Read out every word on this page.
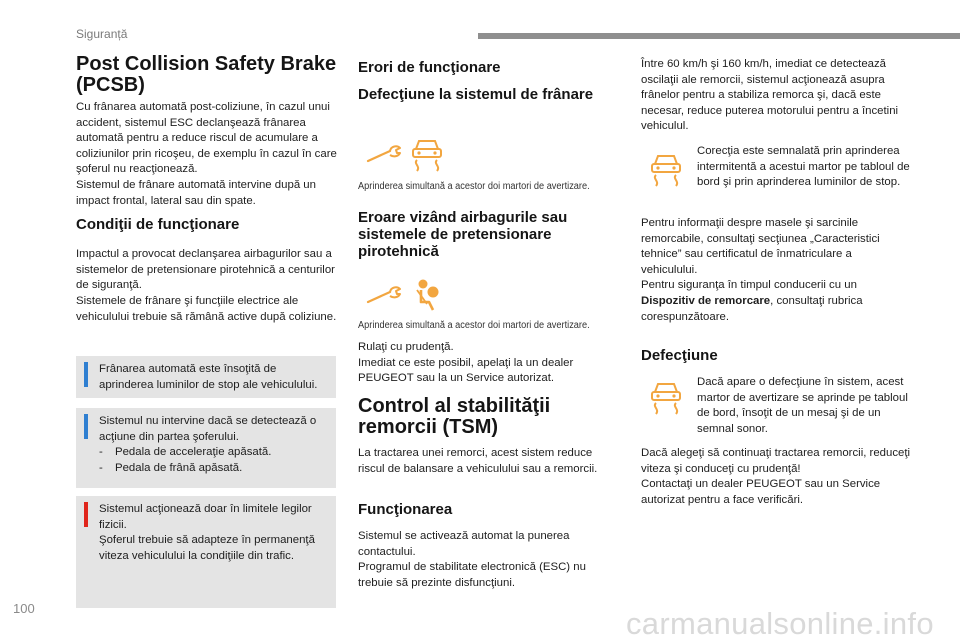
Siguranță
100
Post Collision Safety Brake (PCSB)

Cu frânarea automată post-coliziune, în cazul unui accident, sistemul ESC declanşează frânarea automată pentru a reduce riscul de acumulare a coliziunilor prin ricoşeu, de exemplu în cazul în care şoferul nu reacţionează.

Sistemul de frânare automată intervine după un impact frontal, lateral sau din spate.

Condiţii de funcţionare

Impactul a provocat declanşarea airbagurilor sau a sistemelor de pretensionare pirotehnică a centurilor de siguranţă.

Sistemele de frânare şi funcţiile electrice ale vehiculului trebuie să rămână active după coliziune.

Frânarea automată este însoţită de aprinderea luminilor de stop ale vehiculului.
Sistemul nu intervine dacă se detectează o acţiune din partea şoferului.
-	Pedala de acceleraţie apăsată.
-	Pedala de frână apăsată.
Sistemul acţionează doar în limitele legilor fizicii.
Şoferul trebuie să adapteze în permanenţă viteza vehiculului la condiţiile din trafic.
Erori de funcţionare
Defecţiune la sistemul de frânare
Aprinderea simultană a acestor doi martori de avertizare.
Eroare vizând airbagurile sau sistemele de pretensionare pirotehnică
Aprinderea simultană a acestor doi martori de avertizare.

Rulaţi cu prudenţă.

Imediat ce este posibil, apelaţi la un dealer PEUGEOT sau la un Service autorizat.

Control al stabilităţii remorcii (TSM)

La tractarea unei remorci, acest sistem reduce riscul de balansare a vehiculului sau a remorcii.

Funcţionarea

Sistemul se activează automat la punerea contactului.

Programul de stabilitate electronică (ESC) nu trebuie să prezinte disfuncţiuni.

Între 60 km/h şi 160 km/h, imediat ce detectează oscilaţii ale remorcii, sistemul acţionează asupra frânelor pentru a stabiliza remorca şi, dacă este necesar, reduce puterea motorului pentru a încetini vehiculul.

Corecţia este semnalată prin aprinderea intermitentă a acestui martor pe tabloul de bord şi prin aprinderea luminilor de stop.

Pentru informaţii despre masele şi sarcinile remorcabile, consultaţi secţiunea „Caracteristici tehnice” sau certificatul de înmatriculare a vehiculului.

Pentru siguranţa în timpul conducerii cu un Dispozitiv de remorcare, consultaţi rubrica corespunzătoare.

Defecţiune

Dacă apare o defecţiune în sistem, acest martor de avertizare se aprinde pe tabloul de bord, însoţit de un mesaj şi de un semnal sonor.

Dacă alegeţi să continuaţi tractarea remorcii, reduceţi viteza şi conduceţi cu prudenţă!

Contactaţi un dealer PEUGEOT sau un Service autorizat pentru a face verificări.

carmanualsonline.info
